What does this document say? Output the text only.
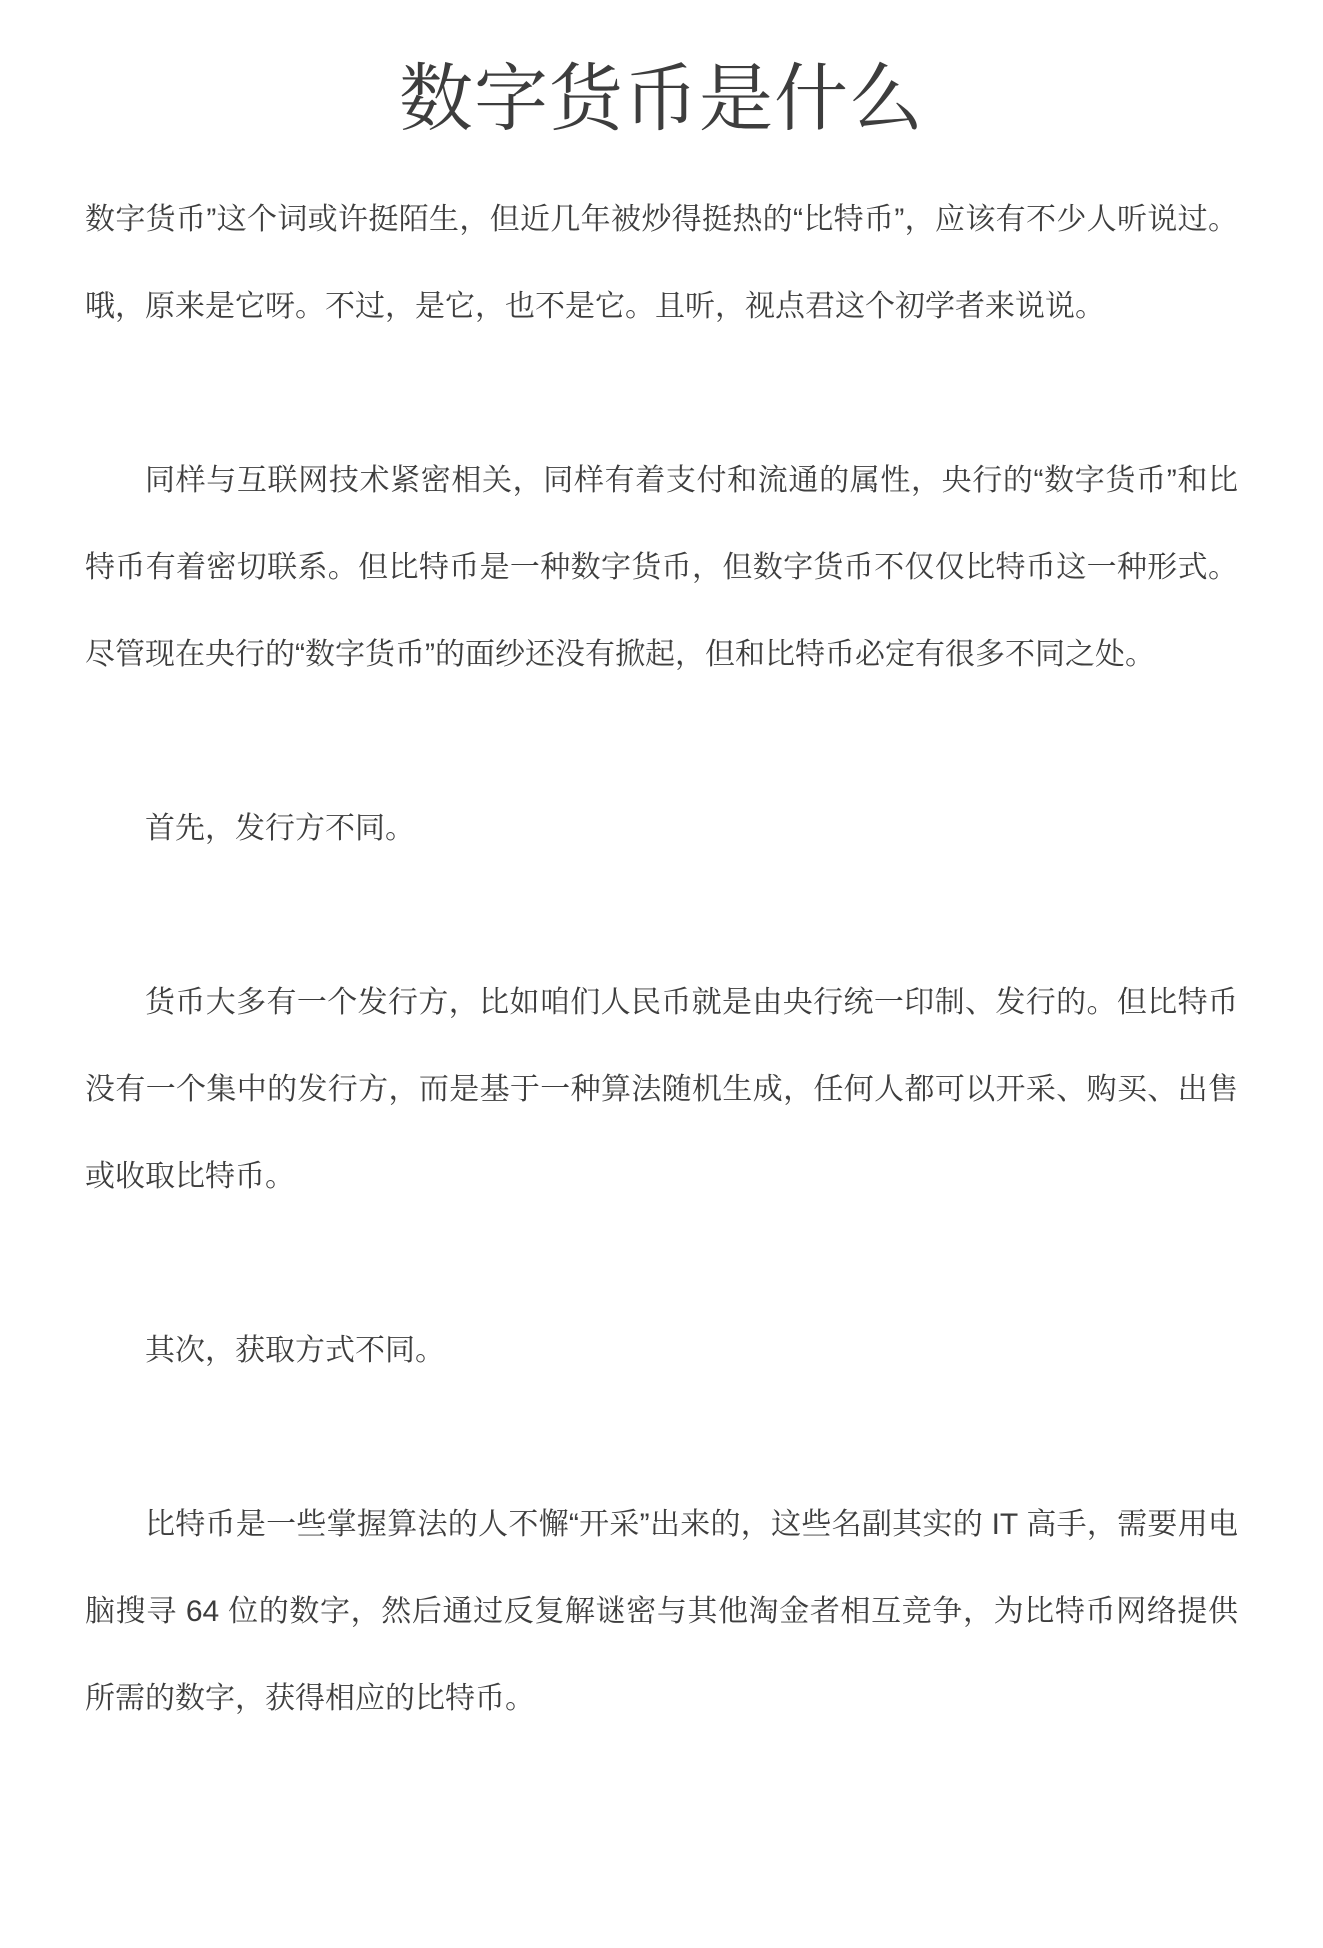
数字货币是什么

数字货币”这个词或许挺陌生，但近几年被炒得挺热的“比特币”，应该有不少人听说过。哦，原来是它呀。不过，是它，也不是它。且听，视点君这个初学者来说说。

同样与互联网技术紧密相关，同样有着支付和流通的属性，央行的“数字货币”和比特币有着密切联系。但比特币是一种数字货币，但数字货币不仅仅比特币这一种形式。尽管现在央行的“数字货币”的面纱还没有掀起，但和比特币必定有很多不同之处。

首先，发行方不同。

货币大多有一个发行方，比如咱们人民币就是由央行统一印制、发行的。但比特币没有一个集中的发行方，而是基于一种算法随机生成，任何人都可以开采、购买、出售或收取比特币。

其次，获取方式不同。

比特币是一些掌握算法的人不懈“开采”出来的，这些名副其实的 IT 高手，需要用电脑搜寻 64 位的数字，然后通过反复解谜密与其他淘金者相互竞争，为比特币网络提供所需的数字，获得相应的比特币。
